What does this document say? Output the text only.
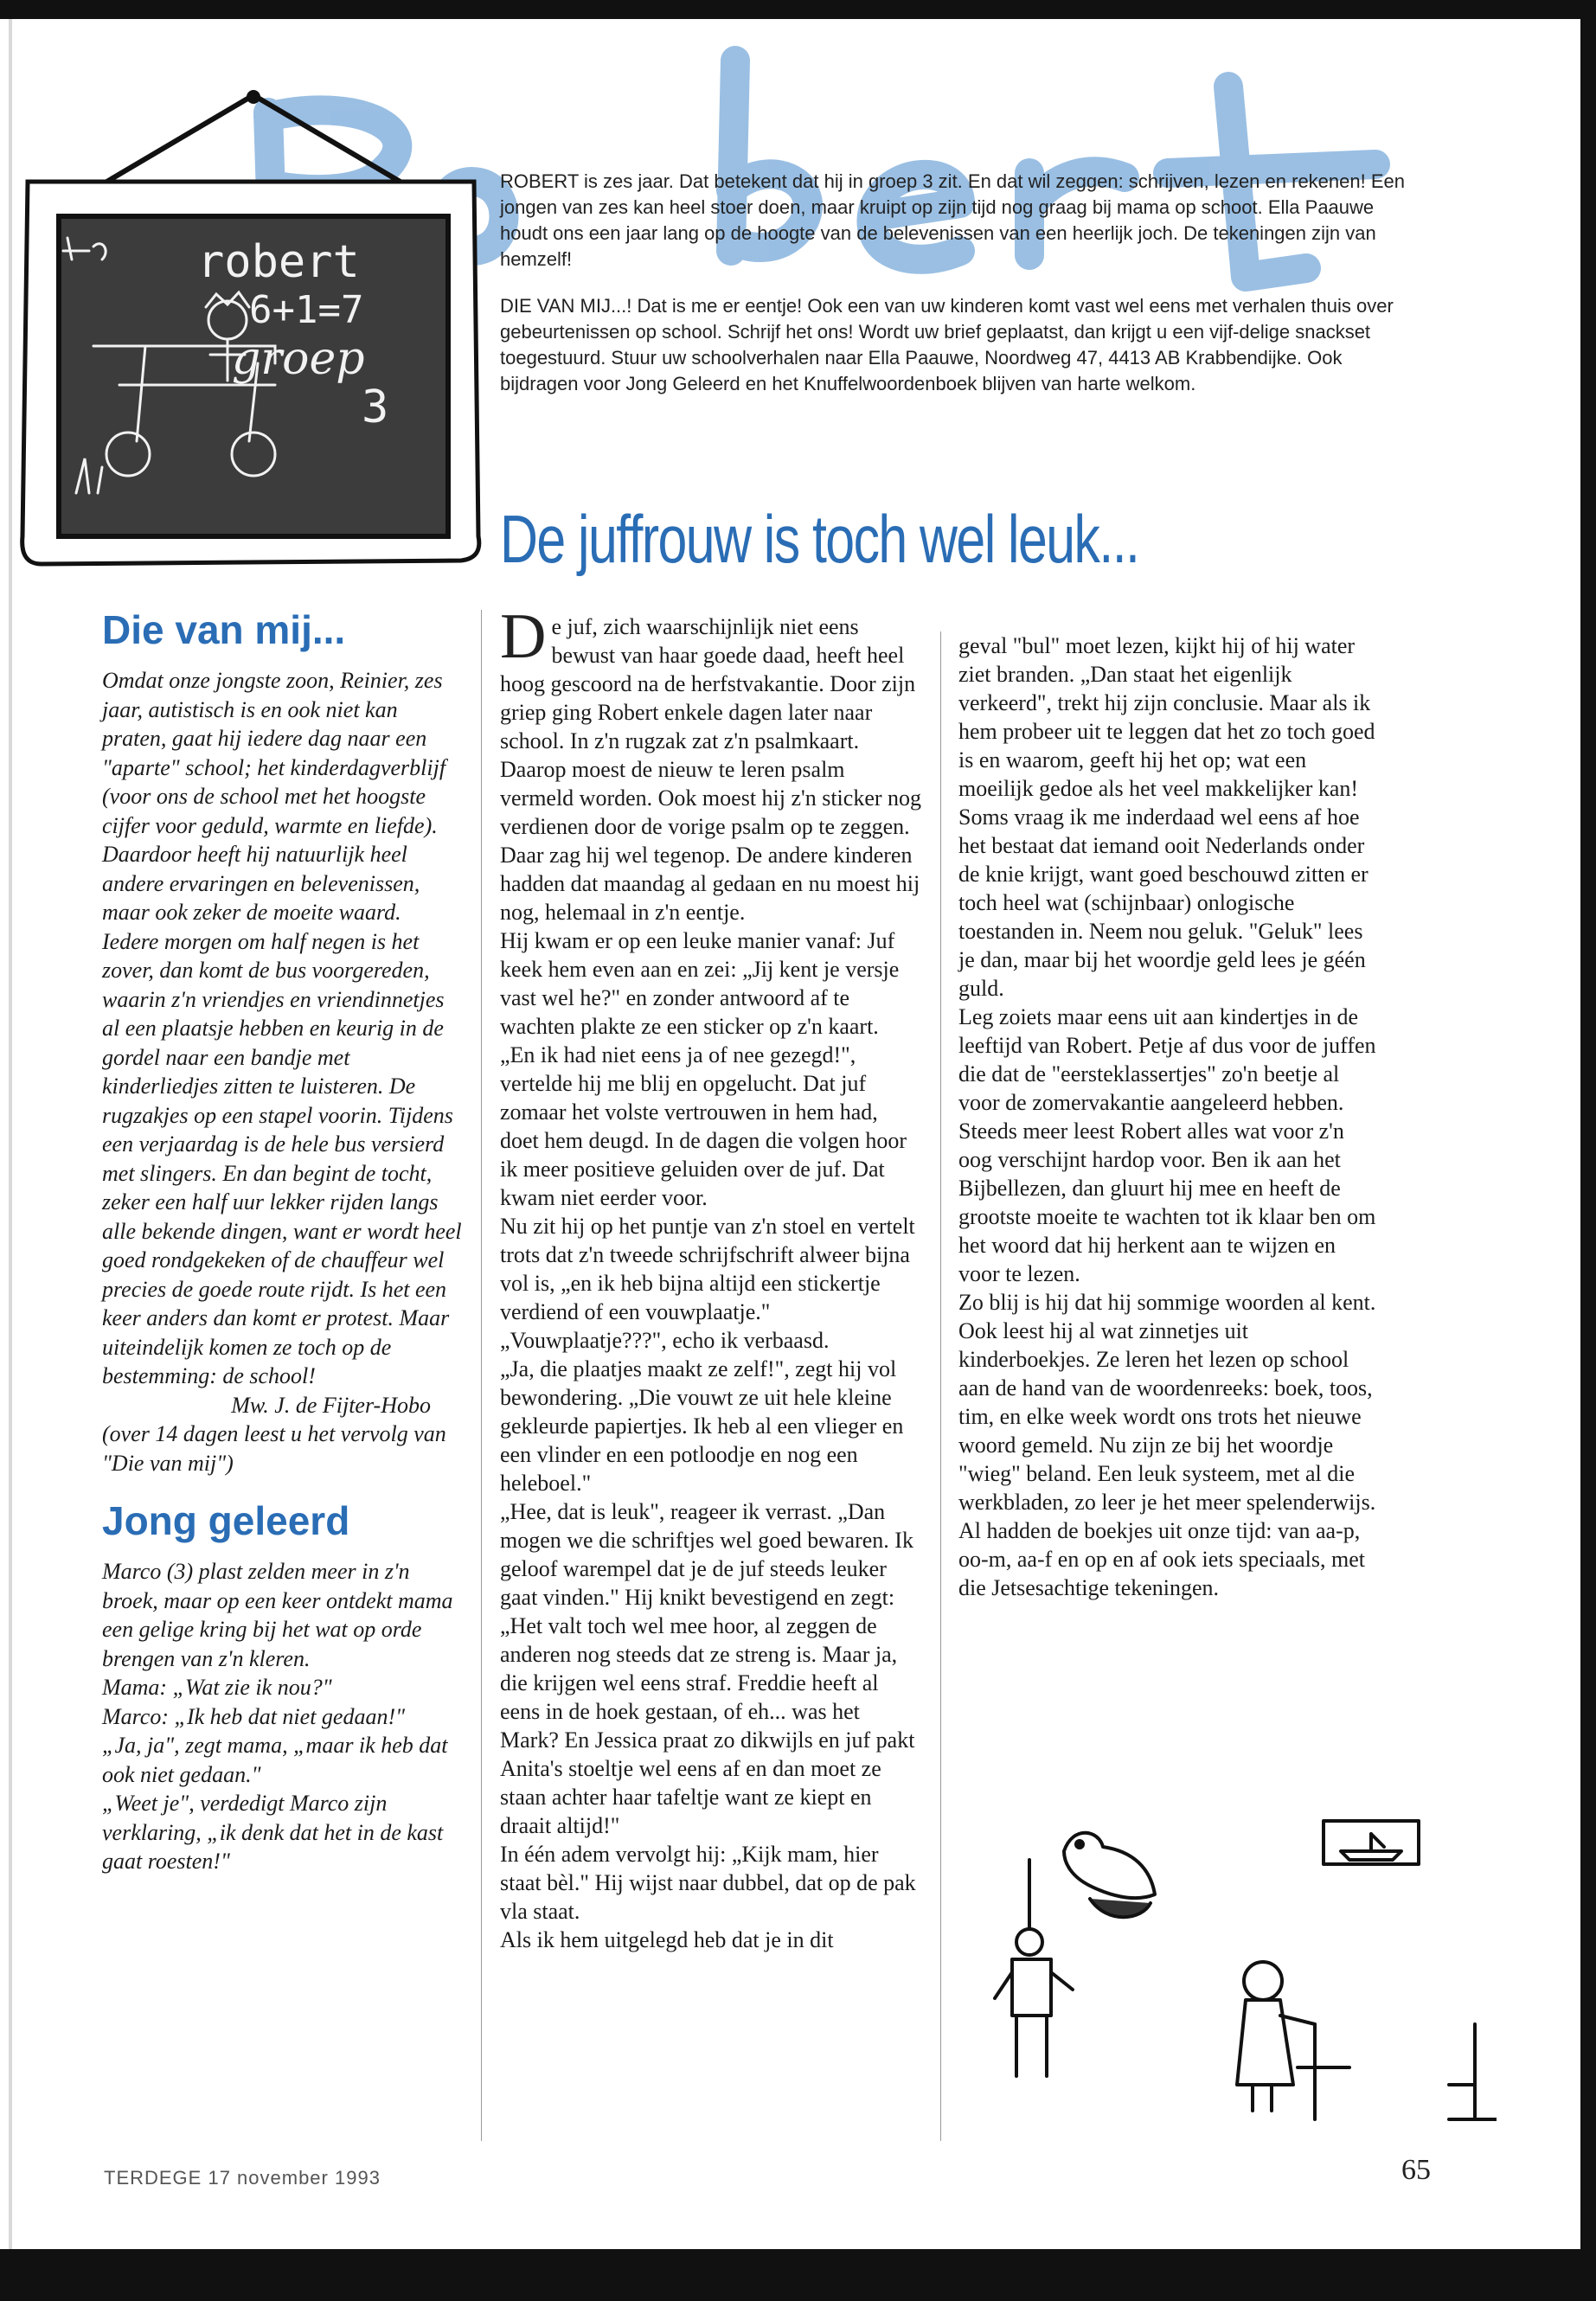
robert
6+1=7
groep
3

ROBERT is zes jaar. Dat betekent dat hij in groep 3 zit. En dat wil zeggen: schrijven, lezen en rekenen! Een jongen van zes kan heel stoer doen, maar kruipt op zijn tijd nog graag bij mama op schoot. Ella Paauwe houdt ons een jaar lang op de hoogte van de belevenissen van een heerlijk joch. De tekeningen zijn van hemzelf!

DIE VAN MIJ...! Dat is me er eentje! Ook een van uw kinderen komt vast wel eens met verhalen thuis over gebeurtenissen op school. Schrijf het ons! Wordt uw brief geplaatst, dan krijgt u een vijf-delige snackset toegestuurd. Stuur uw schoolverhalen naar Ella Paauwe, Noordweg 47, 4413 AB Krabbendijke. Ook bijdragen voor Jong Geleerd en het Knuffelwoordenboek blijven van harte welkom.

De juffrouw is toch wel leuk...
Die van mij...

Omdat onze jongste zoon, Reinier, zes jaar, autistisch is en ook niet kan praten, gaat hij iedere dag naar een "aparte" school; het kinderdagverblijf (voor ons de school met het hoogste cijfer voor geduld, warmte en liefde). Daardoor heeft hij natuurlijk heel andere ervaringen en belevenissen, maar ook zeker de moeite waard.

Iedere morgen om half negen is het zover, dan komt de bus voorgereden, waarin z'n vriendjes en vriendinnetjes al een plaatsje hebben en keurig in de gordel naar een bandje met kinderliedjes zitten te luisteren. De rugzakjes op een stapel voorin. Tijdens een verjaardag is de hele bus versierd met slingers. En dan begint de tocht, zeker een half uur lekker rijden langs alle bekende dingen, want er wordt heel goed rondgekeken of de chauffeur wel precies de goede route rijdt. Is het een keer anders dan komt er protest. Maar uiteindelijk komen ze toch op de bestemming: de school!

Mw. J. de Fijter-Hobo

(over 14 dagen leest u het vervolg van "Die van mij")

Jong geleerd

Marco (3) plast zelden meer in z'n broek, maar op een keer ontdekt mama een gelige kring bij het wat op orde brengen van z'n kleren.

Mama: „Wat zie ik nou?"

Marco: „Ik heb dat niet gedaan!"

„Ja, ja", zegt mama, „maar ik heb dat ook niet gedaan."

„Weet je", verdedigt Marco zijn verklaring, „ik denk dat het in de kast gaat roesten!"

De juf, zich waarschijnlijk niet eens bewust van haar goede daad, heeft heel hoog gescoord na de herfstvakantie. Door zijn griep ging Robert enkele dagen later naar school. In z'n rugzak zat z'n psalmkaart. Daarop moest de nieuw te leren psalm vermeld worden. Ook moest hij z'n sticker nog verdienen door de vorige psalm op te zeggen. Daar zag hij wel tegenop. De andere kinderen hadden dat maandag al gedaan en nu moest hij nog, helemaal in z'n eentje.

Hij kwam er op een leuke manier vanaf: Juf keek hem even aan en zei: „Jij kent je versje vast wel he?" en zonder antwoord af te wachten plakte ze een sticker op z'n kaart.

„En ik had niet eens ja of nee gezegd!", vertelde hij me blij en opgelucht. Dat juf zomaar het volste vertrouwen in hem had, doet hem deugd. In de dagen die volgen hoor ik meer positieve geluiden over de juf. Dat kwam niet eerder voor.

Nu zit hij op het puntje van z'n stoel en vertelt trots dat z'n tweede schrijfschrift alweer bijna vol is, „en ik heb bijna altijd een stickertje verdiend of een vouwplaatje."

„Vouwplaatje???", echo ik verbaasd.

„Ja, die plaatjes maakt ze zelf!", zegt hij vol bewondering. „Die vouwt ze uit hele kleine gekleurde papiertjes. Ik heb al een vlieger en een vlinder en een potloodje en nog een heleboel."

„Hee, dat is leuk", reageer ik verrast. „Dan mogen we die schriftjes wel goed bewaren. Ik geloof warempel dat je de juf steeds leuker gaat vinden." Hij knikt bevestigend en zegt: „Het valt toch wel mee hoor, al zeggen de anderen nog steeds dat ze streng is. Maar ja, die krijgen wel eens straf. Freddie heeft al eens in de hoek gestaan, of eh... was het Mark? En Jessica praat zo dikwijls en juf pakt Anita's stoeltje wel eens af en dan moet ze staan achter haar tafeltje want ze kiept en draait altijd!"

In één adem vervolgt hij: „Kijk mam, hier staat bèl." Hij wijst naar dubbel, dat op de pak vla staat.

Als ik hem uitgelegd heb dat je in dit

geval "bul" moet lezen, kijkt hij of hij water ziet branden. „Dan staat het eigenlijk verkeerd", trekt hij zijn conclusie. Maar als ik hem probeer uit te leggen dat het zo toch goed is en waarom, geeft hij het op; wat een moeilijk gedoe als het veel makkelijker kan!

Soms vraag ik me inderdaad wel eens af hoe het bestaat dat iemand ooit Nederlands onder de knie krijgt, want goed beschouwd zitten er toch heel wat (schijnbaar) onlogische toestanden in. Neem nou geluk. "Geluk" lees je dan, maar bij het woordje geld lees je géén guld.

Leg zoiets maar eens uit aan kindertjes in de leeftijd van Robert. Petje af dus voor de juffen die dat de "eersteklassertjes" zo'n beetje al voor de zomervakantie aangeleerd hebben.

Steeds meer leest Robert alles wat voor z'n oog verschijnt hardop voor. Ben ik aan het Bijbellezen, dan gluurt hij mee en heeft de grootste moeite te wachten tot ik klaar ben om het woord dat hij herkent aan te wijzen en voor te lezen.

Zo blij is hij dat hij sommige woorden al kent. Ook leest hij al wat zinnetjes uit kinderboekjes. Ze leren het lezen op school aan de hand van de woordenreeks: boek, toos, tim, en elke week wordt ons trots het nieuwe woord gemeld. Nu zijn ze bij het woordje "wieg" beland. Een leuk systeem, met al die werkbladen, zo leer je het meer spelenderwijs. Al hadden de boekjes uit onze tijd: van aa-p, oo-m, aa-f en op en af ook iets speciaals, met die Jetsesachtige tekeningen.

TERDEGE 17 november 1993	65
